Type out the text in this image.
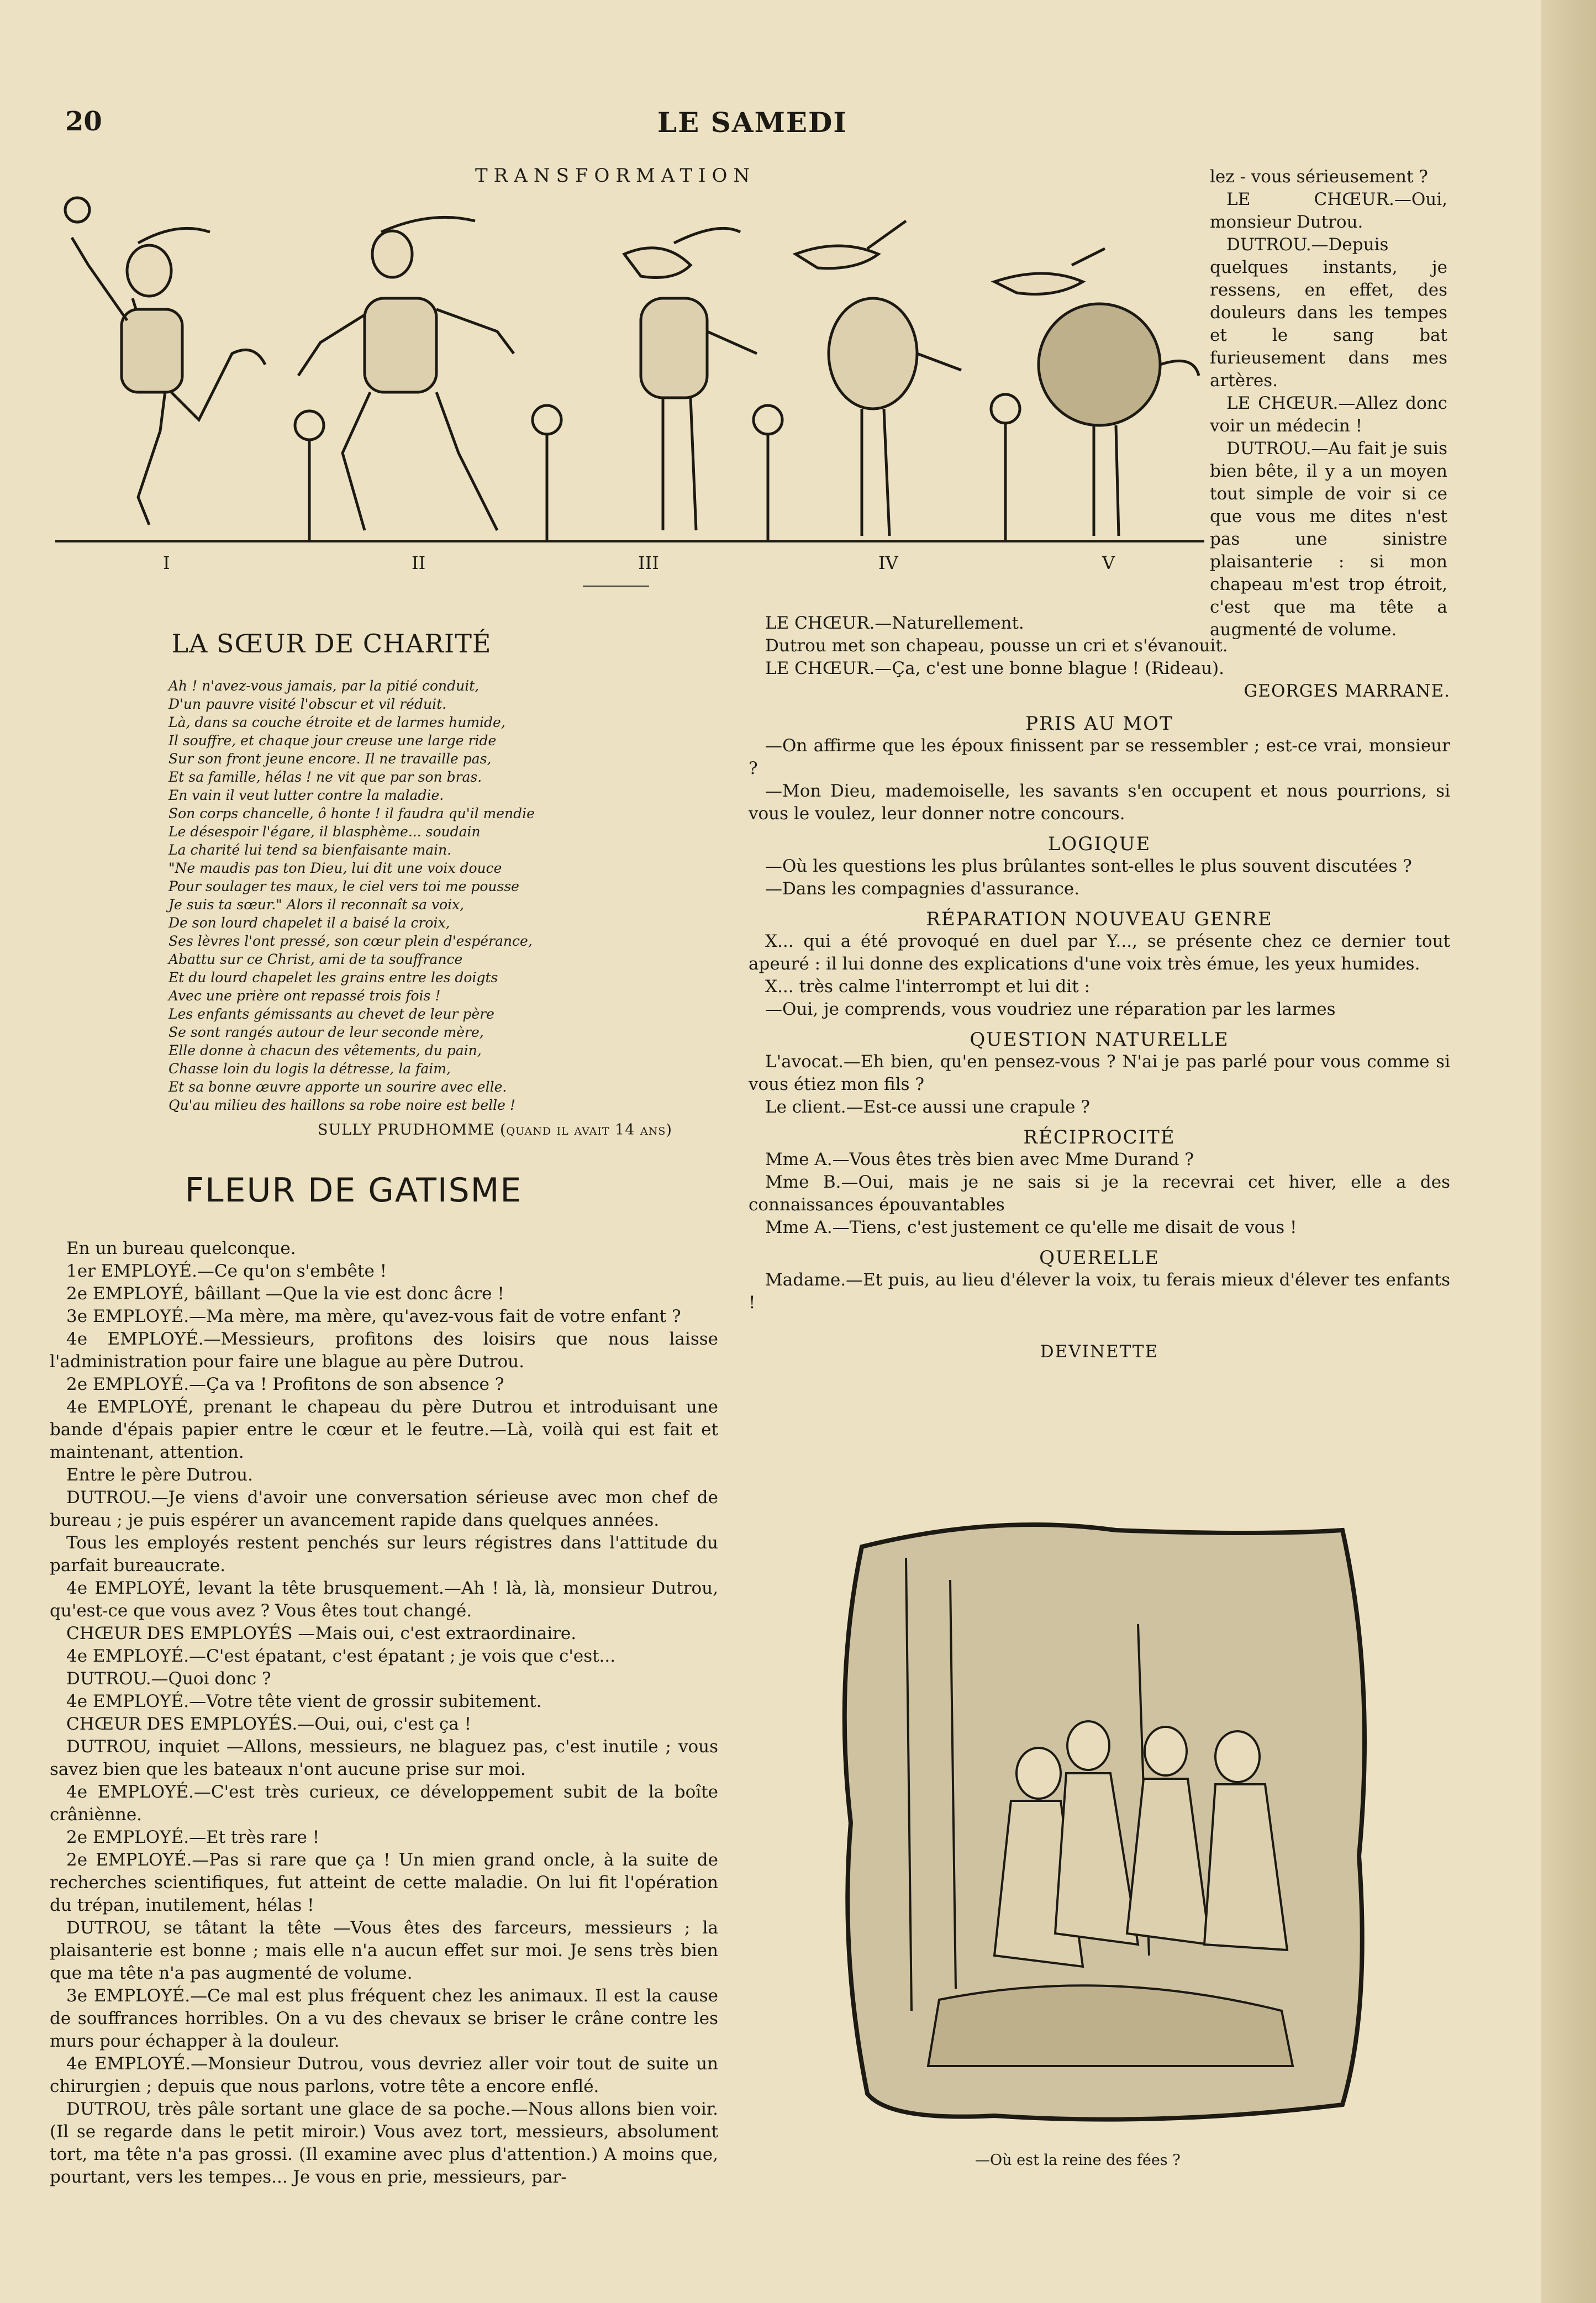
20	LE SAMEDI
TRANSFORMATION
I	II	III	IV	V

lez - vous sérieusement ?

LE CHŒUR.—Oui, monsieur Dutrou.

DUTROU.—Depuis quelques instants, je ressens, en effet, des douleurs dans les tempes et le sang bat furieusement dans mes artères.

LE CHŒUR.—Allez donc voir un médecin !

DUTROU.—Au fait je suis bien bête, il y a un moyen tout simple de voir si ce que vous me dites n'est pas une sinistre plaisanterie : si mon chapeau m'est trop étroit, c'est que ma tête a augmenté de volume.

LE CHŒUR.—Naturellement.

Dutrou met son chapeau, pousse un cri et s'évanouit.

LE CHŒUR.—Ça, c'est une bonne blague ! (Rideau).

GEORGES MARRANE.

LA SŒUR DE CHARITÉ
Ah ! n'avez-vous jamais, par la pitié conduit,
D'un pauvre visité l'obscur et vil réduit.
Là, dans sa couche étroite et de larmes humide,
Il souffre, et chaque jour creuse une large ride
Sur son front jeune encore. Il ne travaille pas,
Et sa famille, hélas ! ne vit que par son bras.
En vain il veut lutter contre la maladie.
Son corps chancelle, ô honte ! il faudra qu'il mendie
Le désespoir l'égare, il blasphème... soudain
La charité lui tend sa bienfaisante main.
"Ne maudis pas ton Dieu, lui dit une voix douce
Pour soulager tes maux, le ciel vers toi me pousse
Je suis ta sœur." Alors il reconnaît sa voix,
De son lourd chapelet il a baisé la croix,
Ses lèvres l'ont pressé, son cœur plein d'espérance,
Abattu sur ce Christ, ami de ta souffrance
Et du lourd chapelet les grains entre les doigts
Avec une prière ont repassé trois fois !
Les enfants gémissants au chevet de leur père
Se sont rangés autour de leur seconde mère,
Elle donne à chacun des vêtements, du pain,
Chasse loin du logis la détresse, la faim,
Et sa bonne œuvre apporte un sourire avec elle.
Qu'au milieu des haillons sa robe noire est belle !
SULLY PRUDHOMME (quand il avait 14 ans)
FLEUR DE GATISME

En un bureau quelconque.

1er EMPLOYÉ.—Ce qu'on s'embête !

2e EMPLOYÉ, bâillant —Que la vie est donc âcre !

3e EMPLOYÉ.—Ma mère, ma mère, qu'avez-vous fait de votre enfant ?

4e EMPLOYÉ.—Messieurs, profitons des loisirs que nous laisse l'administration pour faire une blague au père Dutrou.

2e EMPLOYÉ.—Ça va ! Profitons de son absence ?

4e EMPLOYÉ, prenant le chapeau du père Dutrou et introduisant une bande d'épais papier entre le cœur et le feutre.—Là, voilà qui est fait et maintenant, attention.

Entre le père Dutrou.

DUTROU.—Je viens d'avoir une conversation sérieuse avec mon chef de bureau ; je puis espérer un avancement rapide dans quelques années.

Tous les employés restent penchés sur leurs régistres dans l'attitude du parfait bureaucrate.

4e EMPLOYÉ, levant la tête brusquement.—Ah ! là, là, monsieur Dutrou, qu'est-ce que vous avez ? Vous êtes tout changé.

CHŒUR DES EMPLOYÉS —Mais oui, c'est extraordinaire.

4e EMPLOYÉ.—C'est épatant, c'est épatant ; je vois que c'est...

DUTROU.—Quoi donc ?

4e EMPLOYÉ.—Votre tête vient de grossir subitement.

CHŒUR DES EMPLOYÉS.—Oui, oui, c'est ça !

DUTROU, inquiet —Allons, messieurs, ne blaguez pas, c'est inutile ; vous savez bien que les bateaux n'ont aucune prise sur moi.

4e EMPLOYÉ.—C'est très curieux, ce développement subit de la boîte crâniènne.

2e EMPLOYÉ.—Et très rare !

2e EMPLOYÉ.—Pas si rare que ça ! Un mien grand oncle, à la suite de recherches scientifiques, fut atteint de cette maladie. On lui fit l'opération du trépan, inutilement, hélas !

DUTROU, se tâtant la tête —Vous êtes des farceurs, messieurs ; la plaisanterie est bonne ; mais elle n'a aucun effet sur moi. Je sens très bien que ma tête n'a pas augmenté de volume.

3e EMPLOYÉ.—Ce mal est plus fréquent chez les animaux. Il est la cause de souffrances horribles. On a vu des chevaux se briser le crâne contre les murs pour échapper à la douleur.

4e EMPLOYÉ.—Monsieur Dutrou, vous devriez aller voir tout de suite un chirurgien ; depuis que nous parlons, votre tête a encore enflé.

DUTROU, très pâle sortant une glace de sa poche.—Nous allons bien voir. (Il se regarde dans le petit miroir.) Vous avez tort, messieurs, absolument tort, ma tête n'a pas grossi. (Il examine avec plus d'attention.) A moins que, pourtant, vers les tempes... Je vous en prie, messieurs, par-

PRIS AU MOT

—On affirme que les époux finissent par se ressembler ; est-ce vrai, monsieur ?

—Mon Dieu, mademoiselle, les savants s'en occupent et nous pourrions, si vous le voulez, leur donner notre concours.

LOGIQUE

—Où les questions les plus brûlantes sont-elles le plus souvent discutées ?

—Dans les compagnies d'assurance.

RÉPARATION NOUVEAU GENRE

X... qui a été provoqué en duel par Y..., se présente chez ce dernier tout apeuré : il lui donne des explications d'une voix très émue, les yeux humides.

X... très calme l'interrompt et lui dit :

—Oui, je comprends, vous voudriez une réparation par les larmes

QUESTION NATURELLE

L'avocat.—Eh bien, qu'en pensez-vous ? N'ai je pas parlé pour vous comme si vous étiez mon fils ?

Le client.—Est-ce aussi une crapule ?

RÉCIPROCITÉ

Mme A.—Vous êtes très bien avec Mme Durand ?

Mme B.—Oui, mais je ne sais si je la recevrai cet hiver, elle a des connaissances épouvantables

Mme A.—Tiens, c'est justement ce qu'elle me disait de vous !

QUERELLE

Madame.—Et puis, au lieu d'élever la voix, tu ferais mieux d'élever tes enfants !

DEVINETTE
—Où est la reine des fées ?
